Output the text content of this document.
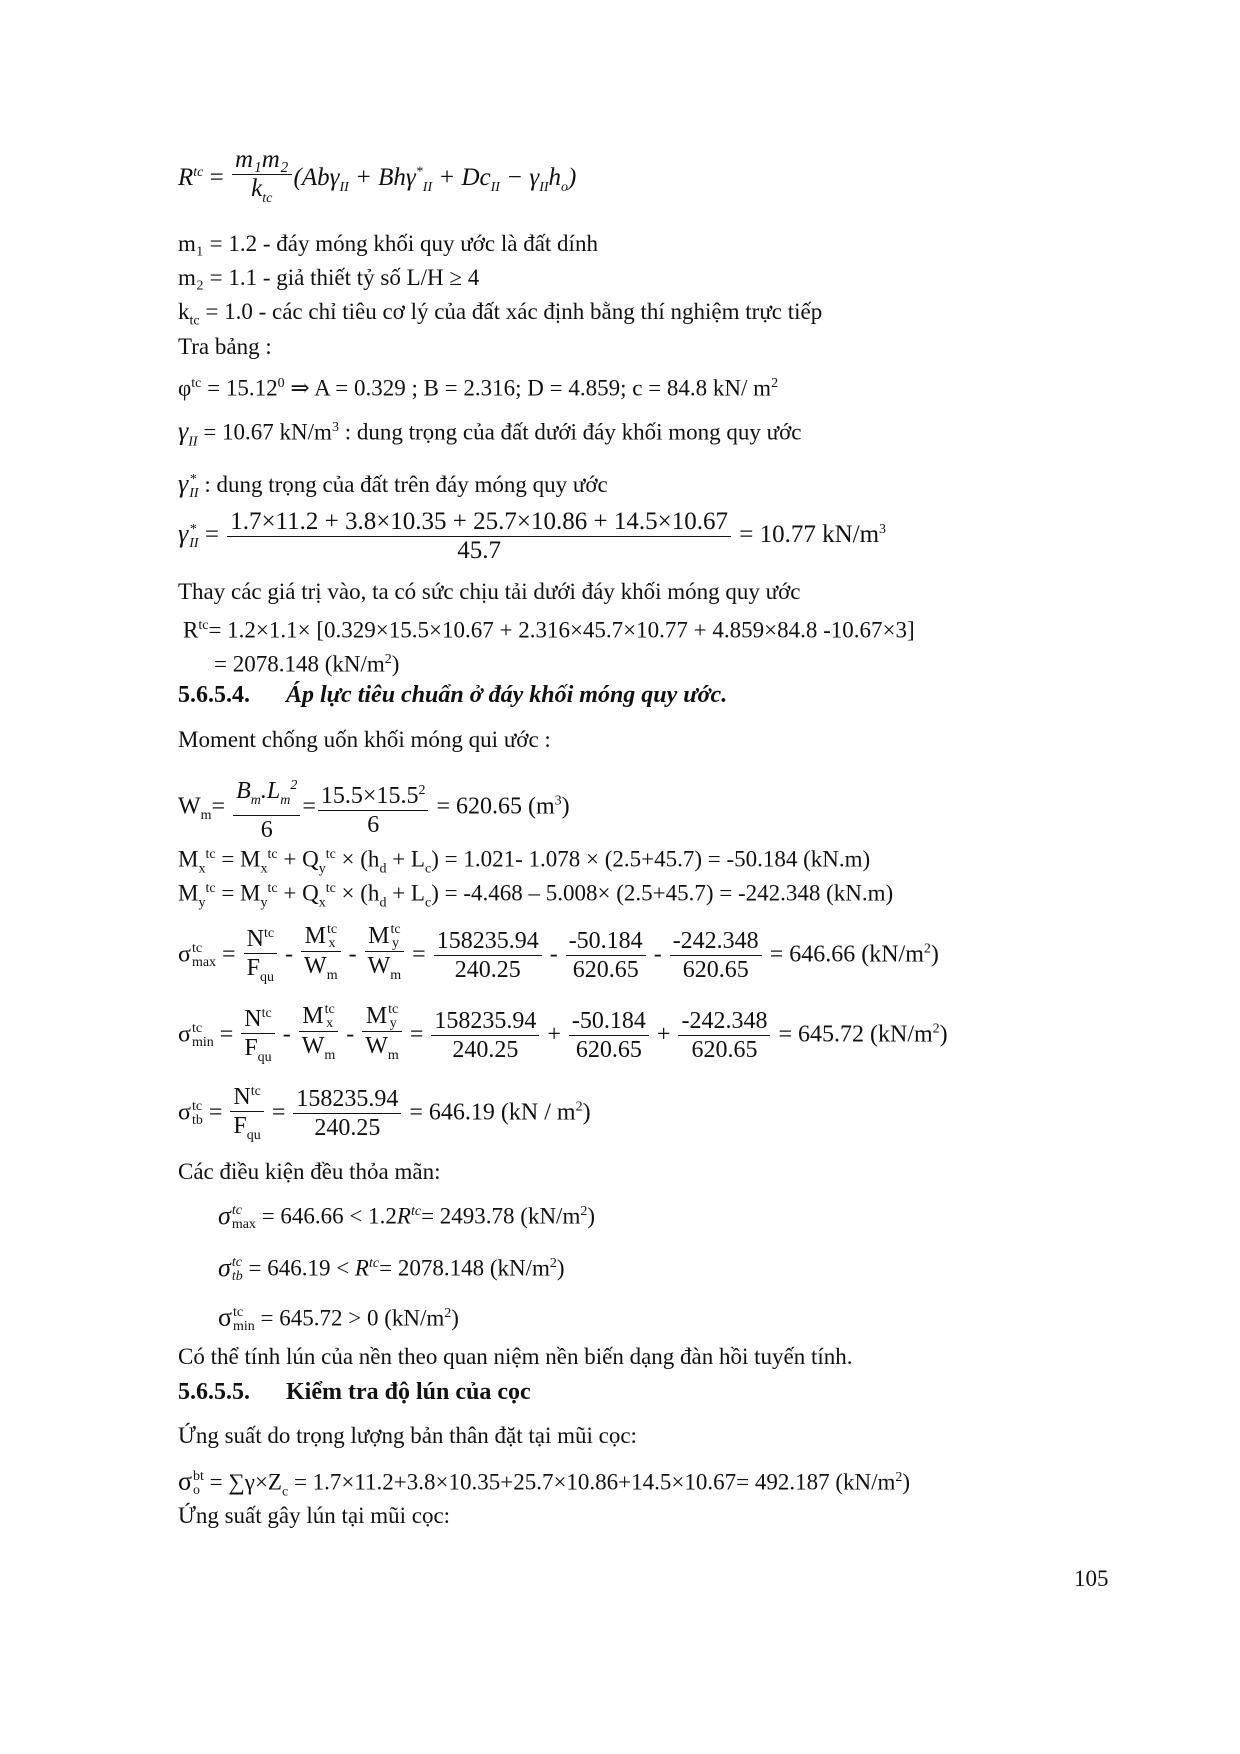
$R^{tc}$ =
m₁m₂
$k_{tc}$
$(Ab\gamma_{II} + Bh\gamma^*_{II} + Dc_{II} - \gamma_{II}h_o)$
m₁ = 1.2 - đáy móng khối quy ước là đất dính
m₂ = 1.1 - giả thiết tỷ số L/H ≥ 4
$k_{tc} = 1.0$ - các chỉ tiêu cơ lý của đất xác định bằng thí nghiệm trực tiếp
Tra bảng :
$\varphi^{tc} = 15.12^0$ ⇒ A = 0.329 ; B = 2.316; D = 4.859; c = 84.8 kN/ $m^2$
$\gamma_{II} = 10.67$ $kN/m^3$ : dung trọng của đất dưới đáy khối mong quy ước
γ *
II : dung trọng của đất trên đáy móng quy ước
γ *
II = $\frac{1.7\times 11.2 + 3.8\times 10.35 + 25.7\times 10.86 + 14.5\times 10.67}{45.7} = 10.77$ $kN/m^3$
Thay các giá trị vào, ta có sức chịu tải dưới đáy khối móng quy ước
$R^{tc}= 1.2\times 1.1\times [0.329\times 15.5\times 10.67 + 2.316\times 45.7\times 10.77 + 4.859\times 84.8$ -10.67×3]
= 2078.148 $(kN/m^2)$
5.6.5.4. Áp lực tiêu chuẩn ở đáy khối móng quy ước.
Moment chống uốn khối móng qui ước :
$W_m= \frac{B_m.L_m^2}{6} = \frac{15.5\times 15.5^2}{6} = 620.65$ $(m^3)$
$M_x^{tc} = M_x^{tc} + Q_y^{tc} \times (h_d + L_c) = 1.021-$ 1.078 × (2.5+45.7) = -50.184 (kN.m)
$M_y^{tc} = M_y^{tc} + Q_x^{tc} \times (h_d + L_c) = -4.468 - 5.008\times (2.5+45.7) = -242.348$ (kN.m)
σ tc
max =
$N^{tc}$
$F_{qu}$
-
M tc
x
$W_m$
-
M tc
y
$W_m$
= $\frac{158235.94}{240.25} - \frac{-50.184}{620.65} - \frac{-242.348}{620.65} = 646.66$ $(kN/m^2)$
σ tc
min =
$N^{tc}$
$F_{qu}$
-
M tc
x
$W_m$
-
M tc
y
$W_m$
= $\frac{158235.94}{240.25} + \frac{-50.184}{620.65} + \frac{-242.348}{620.65} = 645.72$ $(kN/m^2)$
σ tc
tb =
$N^{tc}$
$F_{qu}$
= $\frac{158235.94}{240.25} = 646.19$ $(kN / m^2)$
Các điều kiện đều thỏa mãn:
σ tc
$\max = 646.66 < 1.2R^{tc}= 2493.78$ $(kN/m^2)$
σ tc
tb = $646.19 < R^{tc}= 2078.148$ $(kN/m^2)$
σ tc
min = 645.72 > 0 $(kN/m^2)$
Có thể tính lún của nền theo quan niệm nền biến dạng đàn hồi tuyến tính.
5.6.5.5. Kiểm tra độ lún của cọc
Ứng suất do trọng lượng bản thân đặt tại mũi cọc:
σ bt
$o = \sum\gamma\times Z_c = 1.7\times 11.2+3.8\times 10.35+25.7\times 10.86+14.5\times 10.67= 492.187$ $(kN/m^2)$
Ứng suất gây lún tại mũi cọc:
105
